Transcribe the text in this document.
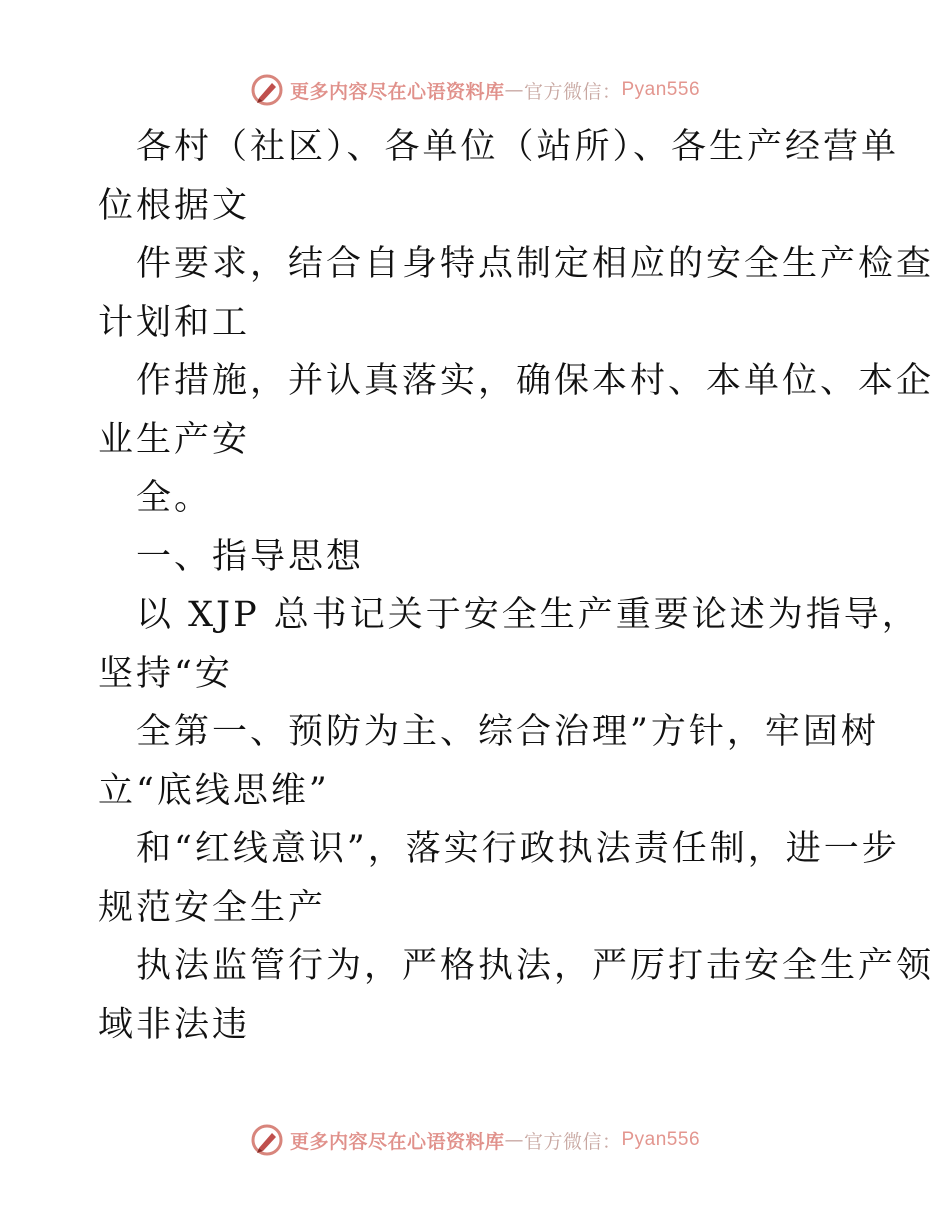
更多内容尽在心语资料库 — 官方微信： Pyan556
各村（社区）、各单位（站所）、各生产经营单
位根据文
件要求，结合自身特点制定相应的安全生产检查
计划和工
作措施，并认真落实，确保本村、本单位、本企
业生产安
全。
一、指导思想
以 XJP 总书记关于安全生产重要论述为指导，
坚持“安
全第一、预防为主、综合治理”方针，牢固树
立“底线思维”
和“红线意识”，落实行政执法责任制，进一步
规范安全生产
执法监管行为，严格执法，严厉打击安全生产领
域非法违
更多内容尽在心语资料库 — 官方微信： Pyan556
